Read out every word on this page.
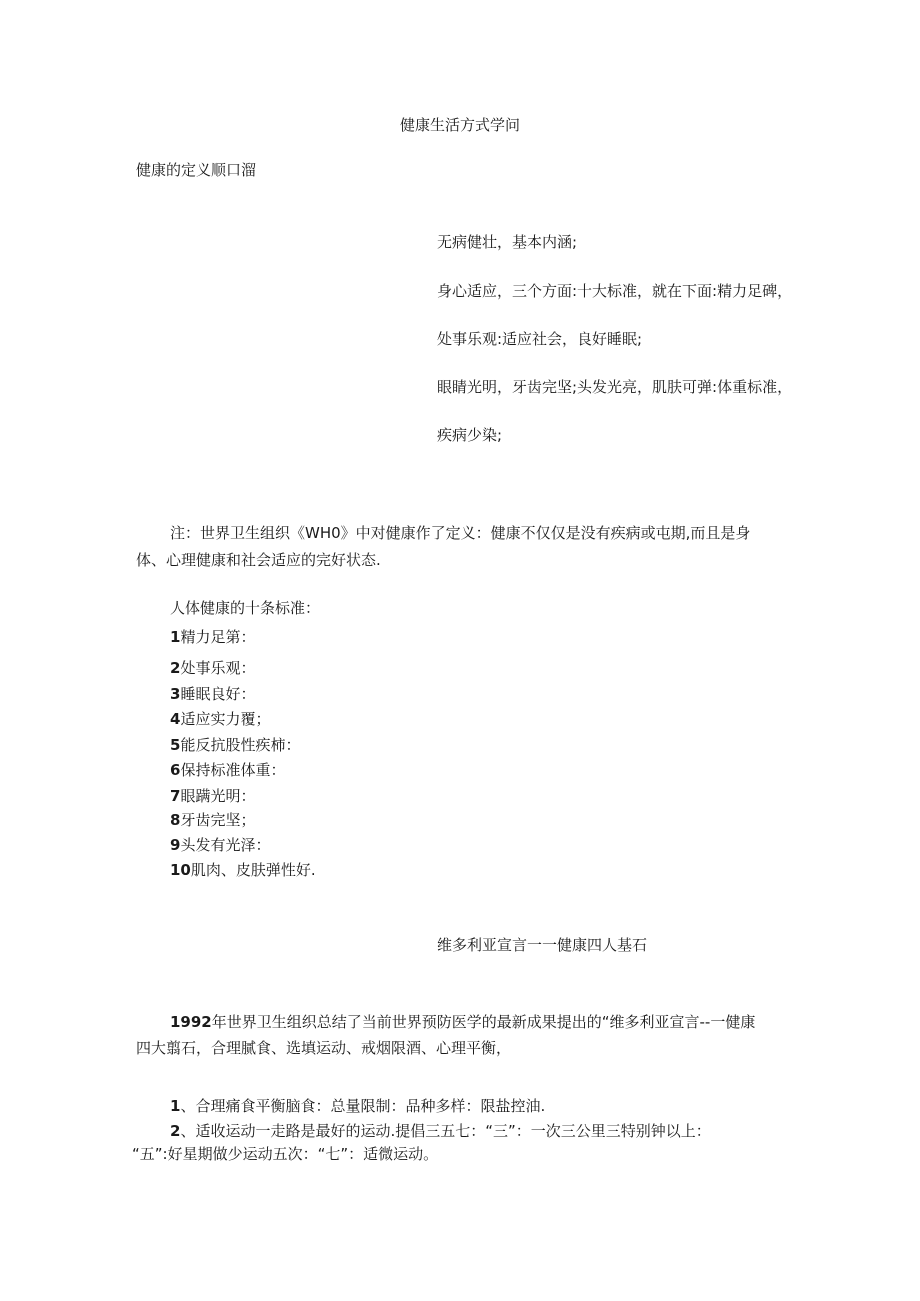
健康生活方式学问
健康的定义顺口溜
无病健壮，基本内涵;
身心适应，三个方面:十大标准，就在下面:精力足碑，
处事乐观:适应社会，良好睡眠;
眼睛光明，牙齿完坚;头发光亮，肌肤可弹:体重标准，
疾病少染;
注：世界卫生组织《WH0》中对健康作了定义：健康不仅仅是没有疾病或屯期,而且是身
体、心理健康和社会适应的完好状态.
人体健康的十条标准：
1精力足第：
2处事乐观：
3睡眠良好：
4适应实力覆；
5能反抗股性疾柿：
6保持标准体重：
7眼蹒光明：
8牙齿完坚；
9头发有光泽：
10肌肉、皮肤弹性好.
维多利亚宣言一一健康四人基石
1992年世界卫生组织总结了当前世界预防医学的最新成果提出的“维多利亚宣言--一健康
四大翦石，合理腻食、选填运动、戒烟限酒、心理平衡，
1、合理痛食平衡脑食：总量限制：品种多样：限盐控油.
2、适收运动一走路是最好的运动.提倡三五七：“三”：一次三公里三特别钟以上：
“五”:好星期做少运动五次：“七”：适微运动。
